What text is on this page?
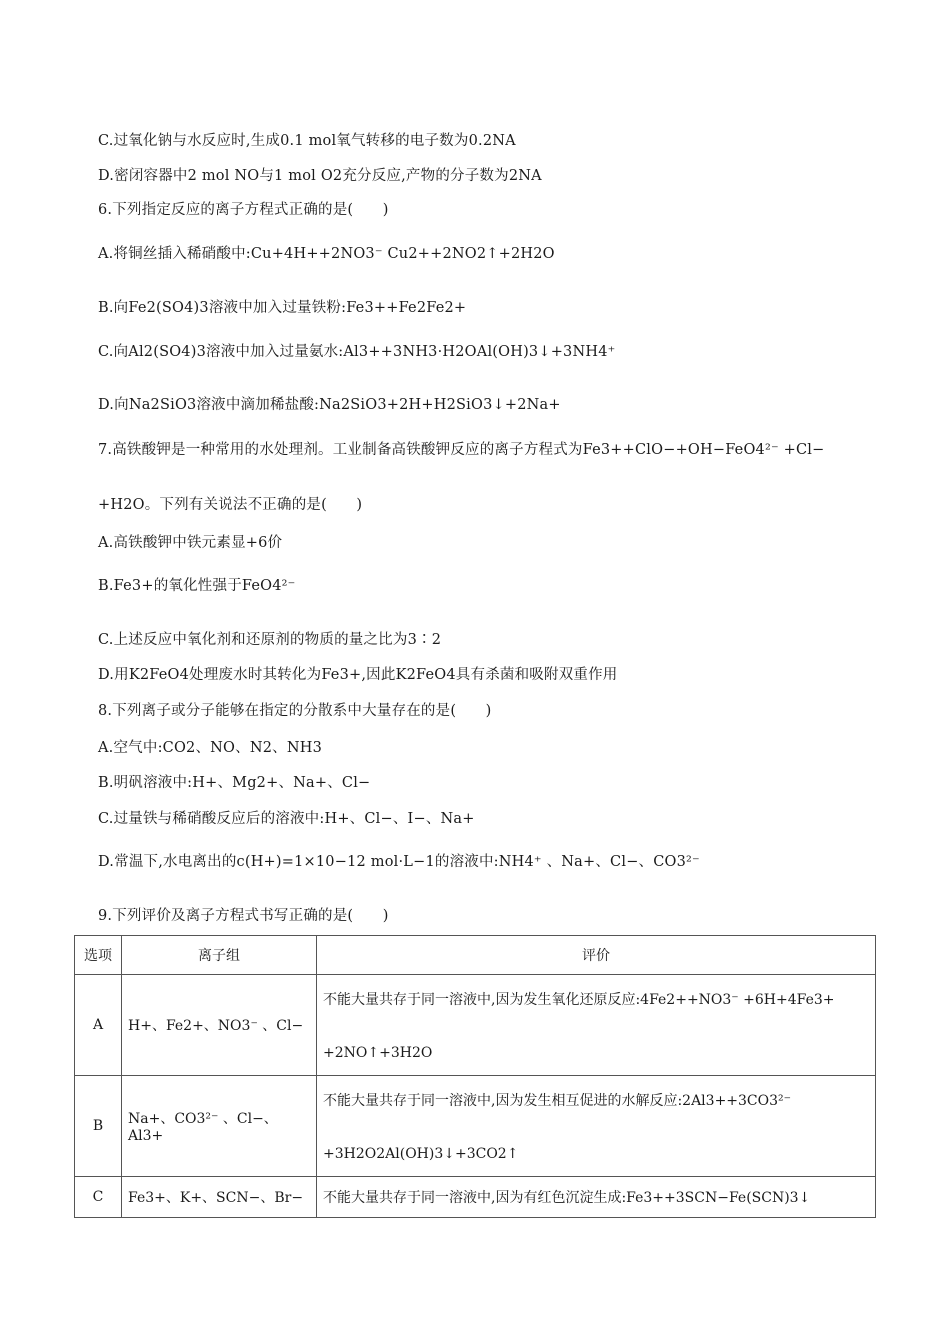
C.过氧化钠与水反应时,生成0.1 mol氧气转移的电子数为0.2NA
D.密闭容器中2 mol NO与1 mol O2充分反应,产物的分子数为2NA
6.下列指定反应的离子方程式正确的是(　　)
A.将铜丝插入稀硝酸中:Cu+4H++2NO3⁻ Cu2++2NO2↑+2H2O
B.向Fe2(SO4)3溶液中加入过量铁粉:Fe3++Fe2Fe2+
C.向Al2(SO4)3溶液中加入过量氨水:Al3++3NH3·H2OAl(OH)3↓+3NH4⁺
D.向Na2SiO3溶液中滴加稀盐酸:Na2SiO3+2H+H2SiO3↓+2Na+
7.高铁酸钾是一种常用的水处理剂。工业制备高铁酸钾反应的离子方程式为Fe3++ClO−+OH−FeO4²⁻ +Cl−
+H2O。下列有关说法不正确的是(　　)
A.高铁酸钾中铁元素显+6价
B.Fe3+的氧化性强于FeO4²⁻
C.上述反应中氧化剂和还原剂的物质的量之比为3∶2
D.用K2FeO4处理废水时其转化为Fe3+,因此K2FeO4具有杀菌和吸附双重作用
8.下列离子或分子能够在指定的分散系中大量存在的是(　　)
A.空气中:CO2、NO、N2、NH3
B.明矾溶液中:H+、Mg2+、Na+、Cl−
C.过量铁与稀硝酸反应后的溶液中:H+、Cl−、I−、Na+
D.常温下,水电离出的c(H+)=1×10−12 mol·L−1的溶液中:NH4⁺ 、Na+、Cl−、CO3²⁻
9.下列评价及离子方程式书写正确的是(　　)
选项	离子组	评价
A	H+、Fe2+、NO3⁻ 、Cl−	不能大量共存于同一溶液中,因为发生氧化还原反应:4Fe2++NO3⁻ +6H+4Fe3+
+2NO↑+3H2O

B	Na+、CO3²⁻ 、Cl−、Al3+	不能大量共存于同一溶液中,因为发生相互促进的水解反应:2Al3++3CO3²⁻
+3H2O2Al(OH)3↓+3CO2↑

C	Fe3+、K+、SCN−、Br−	不能大量共存于同一溶液中,因为有红色沉淀生成:Fe3++3SCN−Fe(SCN)3↓
